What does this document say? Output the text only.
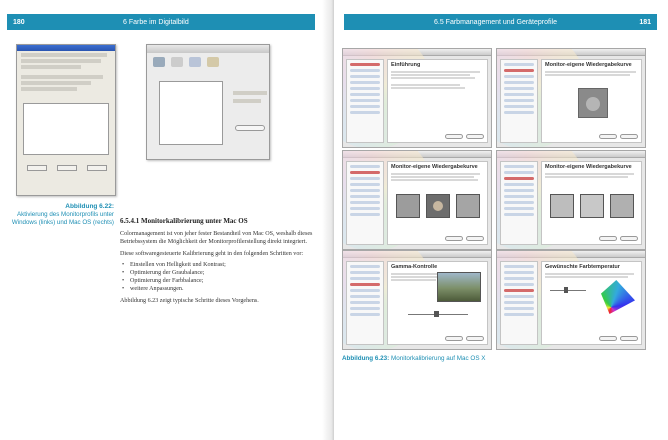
180	6 Farbe im Digitalbild
Abbildung 6.22:
Aktivierung des Monitorprofils unter Windows (links) und Mac OS (rechts) 6.5.4.1 Monitorkalibrierung unter Mac OS

Colormanagement ist von jeher fester Bestandteil von Mac OS, weshalb dieses Betriebssystem die Möglichkeit der Monitorprofilerstellung direkt integriert.

Diese softwaregesteuerte Kalibrierung geht in den folgenden Schritten vor:

• Einstellen von Helligkeit und Kontrast;
• Optimierung der Graubalance;
• Optimierung der Farbbalance;
• weitere Anpassungen.

Abbildung 6.23 zeigt typische Schritte dieses Vorgehens.

6.5 Farbmanagement und Geräteprofile	181
Einführung	Monitor-eigene Wiedergabekurve
Monitor-eigene Wiedergabekurve	Monitor-eigene Wiedergabekurve
Gamma-Kontrolle	Gewünschte Farbtemperatur
Abbildung 6.23: Monitorkalibrierung auf Mac OS X
